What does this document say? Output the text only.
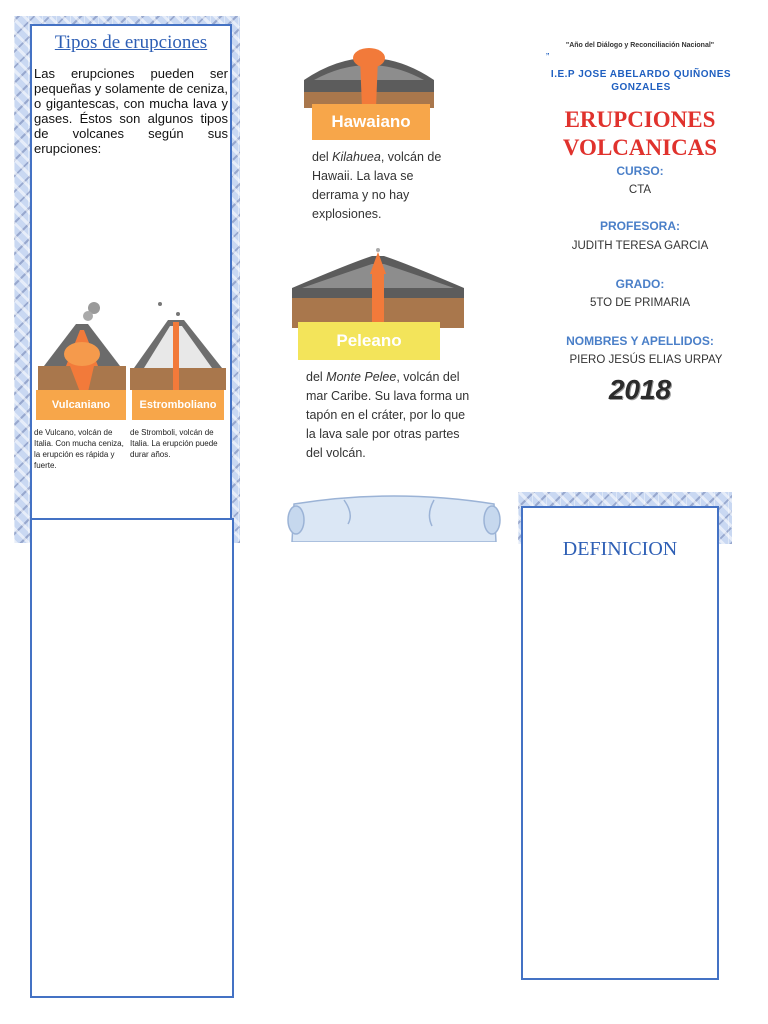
Tipos de erupciones
Las erupciones pueden ser pequeñas y solamente de ceniza, o gigantescas, con mucha lava y gases. Éstos son algunos tipos de volcanes según sus erupciones:
Vulcaniano
de Vulcano, volcán de Italia. Con mucha ceniza, la erupción es rápida y fuerte.
Estromboliano
de Stromboli, volcán de Italia. La erupción puede durar años.
Hawaiano
del Kilahuea, volcán de Hawaii. La lava se derrama y no hay explosiones.
Peleano
del Monte Pelee, volcán del mar Caribe. Su lava forma un tapón en el cráter, por lo que la lava sale por otras partes del volcán.
"Año del Diálogo y Reconciliación Nacional"
”
I.E.P JOSE ABELARDO QUIÑONES GONZALES
ERUPCIONES
VOLCANICAS
CURSO:
CTA
PROFESORA:
JUDITH TERESA GARCIA
GRADO:
5TO DE PRIMARIA
NOMBRES Y APELLIDOS:
PIERO JESÚS ELIAS URPAY
2018
DEFINICION
